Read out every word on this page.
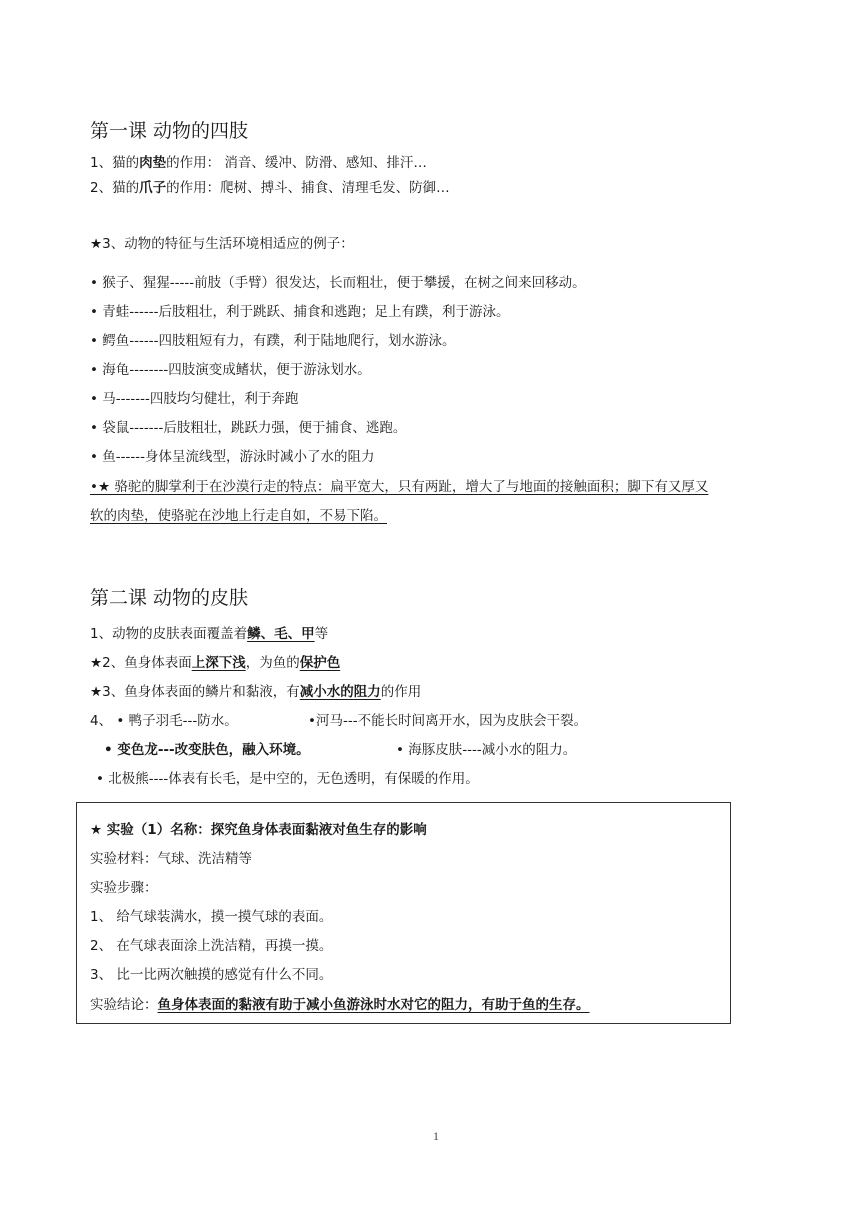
第一课 动物的四肢
1、猫的肉垫的作用： 消音、缓冲、防滑、感知、排汗…
2、猫的爪子的作用：爬树、搏斗、捕食、清理毛发、防御…
★3、动物的特征与生活环境相适应的例子：
• 猴子、猩猩-----前肢（手臂）很发达，长而粗壮，便于攀援，在树之间来回移动。
• 青蛙------后肢粗壮，利于跳跃、捕食和逃跑；足上有蹼，利于游泳。
• 鳄鱼------四肢粗短有力，有蹼，利于陆地爬行，划水游泳。
• 海龟--------四肢演变成鳍状，便于游泳划水。
• 马-------四肢均匀健壮，利于奔跑
• 袋鼠-------后肢粗壮，跳跃力强，便于捕食、逃跑。
• 鱼------身体呈流线型，游泳时减小了水的阻力
•★ 骆驼的脚掌利于在沙漠行走的特点：扁平宽大，只有两趾，增大了与地面的接触面积；脚下有又厚又
软的肉垫，使骆驼在沙地上行走自如，不易下陷。
第二课 动物的皮肤
1、动物的皮肤表面覆盖着鳞、毛、甲等
★2、鱼身体表面上深下浅，为鱼的保护色
★3、鱼身体表面的鳞片和黏液，有减小水的阻力的作用
4、 • 鸭子羽毛---防水。	•河马---不能长时间离开水，因为皮肤会干裂。
• 变色龙---改变肤色，融入环境。	• 海豚皮肤----减小水的阻力。
• 北极熊----体表有长毛，是中空的，无色透明，有保暖的作用。
★ 实验（1）名称：探究鱼身体表面黏液对鱼生存的影响
实验材料：气球、洗洁精等
实验步骤：
1、 给气球装满水，摸一摸气球的表面。
2、 在气球表面涂上洗洁精，再摸一摸。
3、 比一比两次触摸的感觉有什么不同。
实验结论：鱼身体表面的黏液有助于减小鱼游泳时水对它的阻力，有助于鱼的生存。
1
